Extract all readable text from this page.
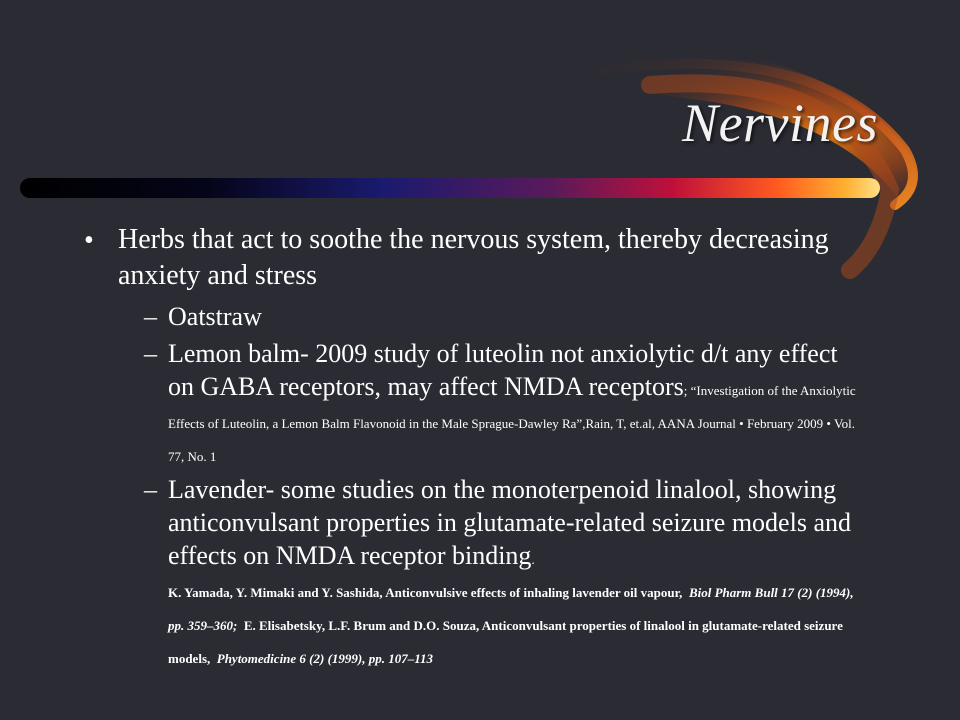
Nervines
• Herbs that act to soothe the nervous system, thereby decreasing anxiety and stress
– Oatstraw
– Lemon balm- 2009 study of luteolin not anxiolytic d/t any effect on GABA receptors, may affect NMDA receptors; “Investigation of the Anxiolytic Effects of Luteolin, a Lemon Balm Flavonoid in the Male Sprague-Dawley Ra”,Rain, T, et.al, AANA Journal • February 2009 • Vol. 77, No. 1
– Lavender- some studies on the monoterpenoid linalool, showing anticonvulsant properties in glutamate-related seizure models and effects on NMDA receptor binding.
K. Yamada, Y. Mimaki and Y. Sashida, Anticonvulsive effects of inhaling lavender oil vapour, Biol Pharm Bull 17 (2) (1994), pp. 359–360; E. Elisabetsky, L.F. Brum and D.O. Souza, Anticonvulsant properties of linalool in glutamate-related seizure models, Phytomedicine 6 (2) (1999), pp. 107–113
